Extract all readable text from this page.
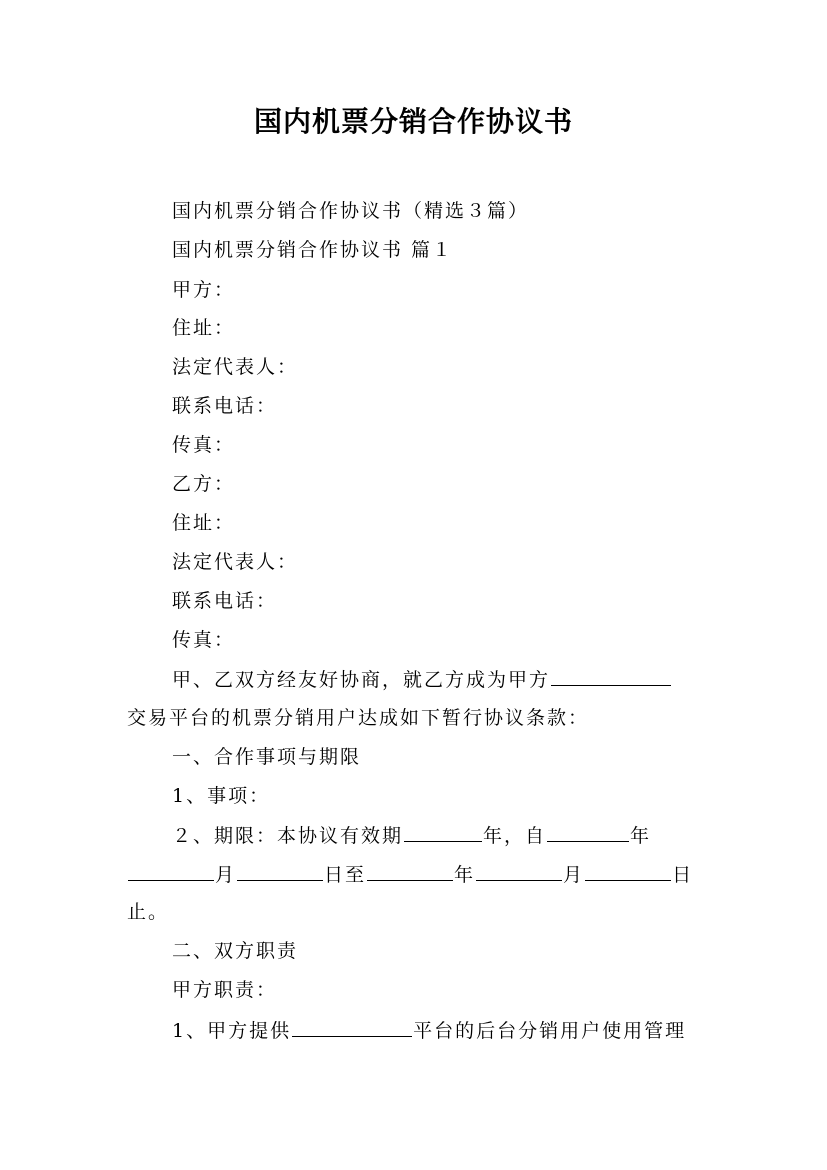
国内机票分销合作协议书
国内机票分销合作协议书（精选３篇）
国内机票分销合作协议书 篇１
甲方：
住址：
法定代表人：
联系电话：
传真：
乙方：
住址：
法定代表人：
联系电话：
传真：
甲、乙双方经友好协商，就乙方成为甲方
交易平台的机票分销用户达成如下暂行协议条款：
一、合作事项与期限
1、事项：
２、期限：本协议有效期	年，自	年
月	日至	年	月	日
止。
二、双方职责
甲方职责：
1、甲方提供	平台的后台分销用户使用管理
